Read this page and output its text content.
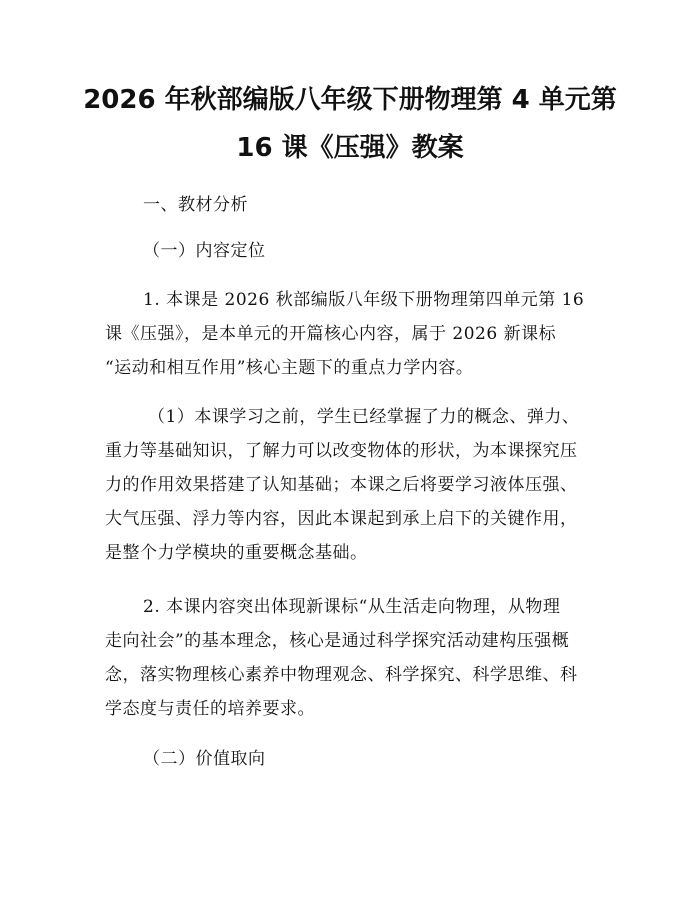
2026 年秋部编版八年级下册物理第 4 单元第
16 课《压强》教案
一、教材分析
（一）内容定位
1. 本课是 2026 秋部编版八年级下册物理第四单元第 16
课《压强》，是本单元的开篇核心内容，属于 2026 新课标
“运动和相互作用”核心主题下的重点力学内容。
（1）本课学习之前，学生已经掌握了力的概念、弹力、
重力等基础知识，了解力可以改变物体的形状，为本课探究压
力的作用效果搭建了认知基础；本课之后将要学习液体压强、
大气压强、浮力等内容，因此本课起到承上启下的关键作用，
是整个力学模块的重要概念基础。
2. 本课内容突出体现新课标“从生活走向物理，从物理
走向社会”的基本理念，核心是通过科学探究活动建构压强概
念，落实物理核心素养中物理观念、科学探究、科学思维、科
学态度与责任的培养要求。
（二）价值取向
